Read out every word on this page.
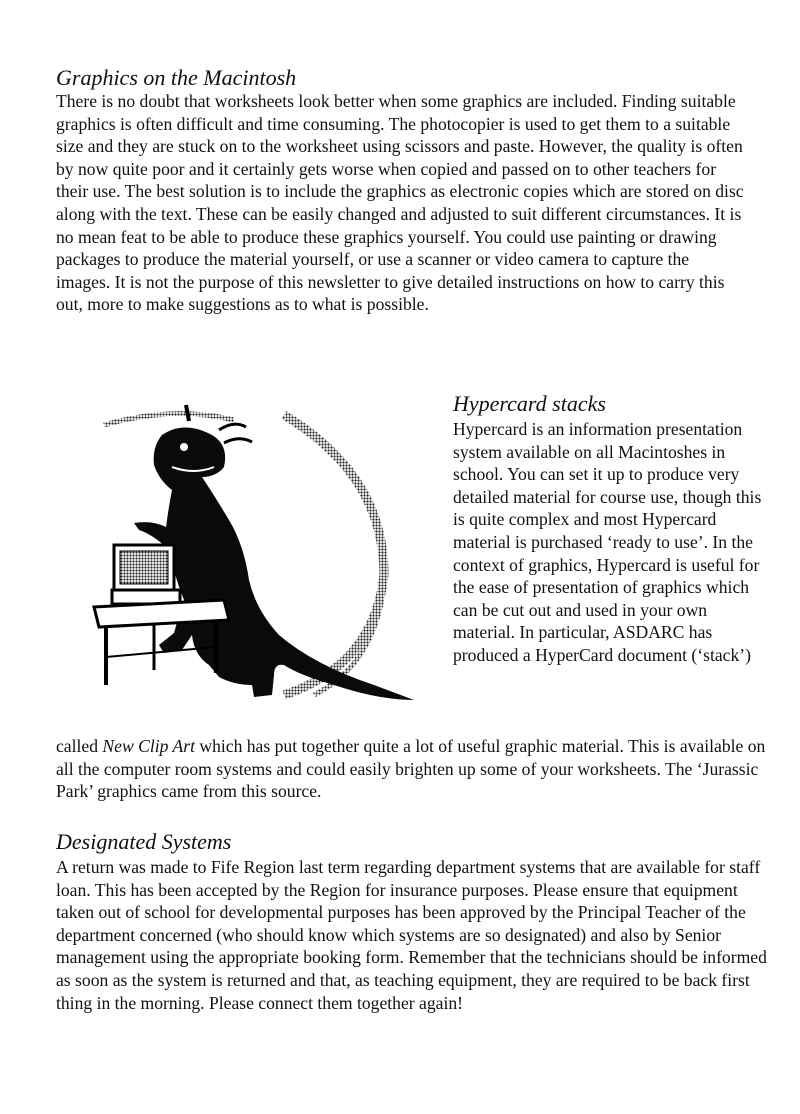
Graphics on the Macintosh

There is no doubt that worksheets look better when some graphics are included. Finding suitable graphics is often difficult and time consuming. The photocopier is used to get them to a suitable size and they are stuck on to the worksheet using scissors and paste. However, the quality is often by now quite poor and it certainly gets worse when copied and passed on to other teachers for their use. The best solution is to include the graphics as electronic copies which are stored on disc along with the text. These can be easily changed and adjusted to suit different circumstances. It is no mean feat to be able to produce these graphics yourself. You could use painting or drawing packages to produce the material yourself, or use a scanner or video camera to capture the images. It is not the purpose of this newsletter to give detailed instructions on how to carry this out, more to make suggestions as to what is possible.

Hypercard stacks

Hypercard is an information presentation system available on all Macintoshes in school. You can set it up to produce very detailed material for course use, though this is quite complex and most Hypercard material is purchased ‘ready to use’. In the context of graphics, Hypercard is useful for the ease of presentation of graphics which can be cut out and used in your own material. In particular, ASDARC has produced a HyperCard document (‘stack’)

called New Clip Art which has put together quite a lot of useful graphic material. This is available on all the computer room systems and could easily brighten up some of your worksheets. The ‘Jurassic Park’ graphics came from this source.

Designated Systems

A return was made to Fife Region last term regarding department systems that are available for staff loan. This has been accepted by the Region for insurance purposes. Please ensure that equipment taken out of school for developmental purposes has been approved by the Principal Teacher of the department concerned (who should know which systems are so designated) and also by Senior management using the appropriate booking form. Remember that the technicians should be informed as soon as the system is returned and that, as teaching equipment, they are required to be back first thing in the morning. Please connect them together again!
